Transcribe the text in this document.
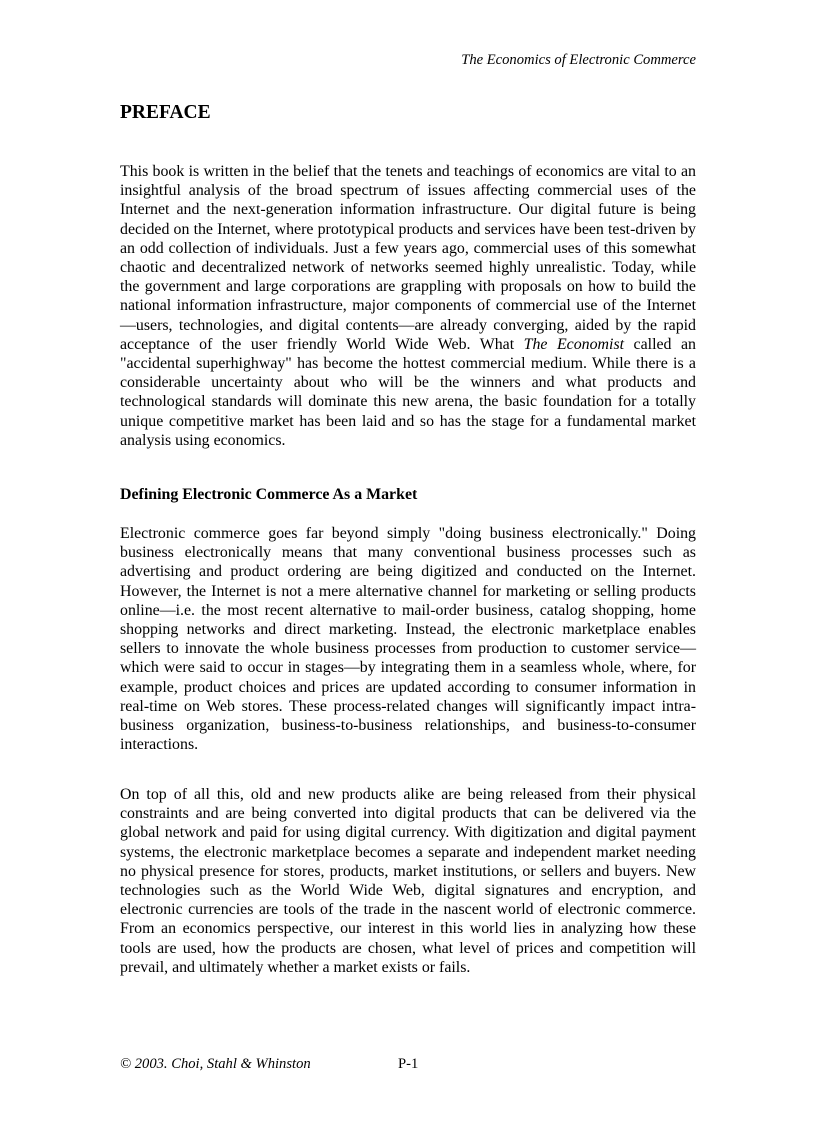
The Economics of Electronic Commerce
PREFACE

This book is written in the belief that the tenets and teachings of economics are vital to an insightful analysis of the broad spectrum of issues affecting commercial uses of the Internet and the next-generation information infrastructure. Our digital future is being decided on the Internet, where prototypical products and services have been test-driven by an odd collection of individuals. Just a few years ago, commercial uses of this somewhat chaotic and decentralized network of networks seemed highly unrealistic. Today, while the government and large corporations are grappling with proposals on how to build the national information infrastructure, major components of commercial use of the Internet—users, technologies, and digital contents—are already converging, aided by the rapid acceptance of the user friendly World Wide Web. What The Economist called an "accidental superhighway" has become the hottest commercial medium. While there is a considerable uncertainty about who will be the winners and what products and technological standards will dominate this new arena, the basic foundation for a totally unique competitive market has been laid and so has the stage for a fundamental market analysis using economics.

Defining Electronic Commerce As a Market

Electronic commerce goes far beyond simply "doing business electronically." Doing business electronically means that many conventional business processes such as advertising and product ordering are being digitized and conducted on the Internet. However, the Internet is not a mere alternative channel for marketing or selling products online—i.e. the most recent alternative to mail-order business, catalog shopping, home shopping networks and direct marketing. Instead, the electronic marketplace enables sellers to innovate the whole business processes from production to customer service—which were said to occur in stages—by integrating them in a seamless whole, where, for example, product choices and prices are updated according to consumer information in real-time on Web stores. These process-related changes will significantly impact intra-business organization, business-to-business relationships, and business-to-consumer interactions.

On top of all this, old and new products alike are being released from their physical constraints and are being converted into digital products that can be delivered via the global network and paid for using digital currency. With digitization and digital payment systems, the electronic marketplace becomes a separate and independent market needing no physical presence for stores, products, market institutions, or sellers and buyers. New technologies such as the World Wide Web, digital signatures and encryption, and electronic currencies are tools of the trade in the nascent world of electronic commerce. From an economics perspective, our interest in this world lies in analyzing how these tools are used, how the products are chosen, what level of prices and competition will prevail, and ultimately whether a market exists or fails.

© 2003. Choi, Stahl & Whinston	P-1
